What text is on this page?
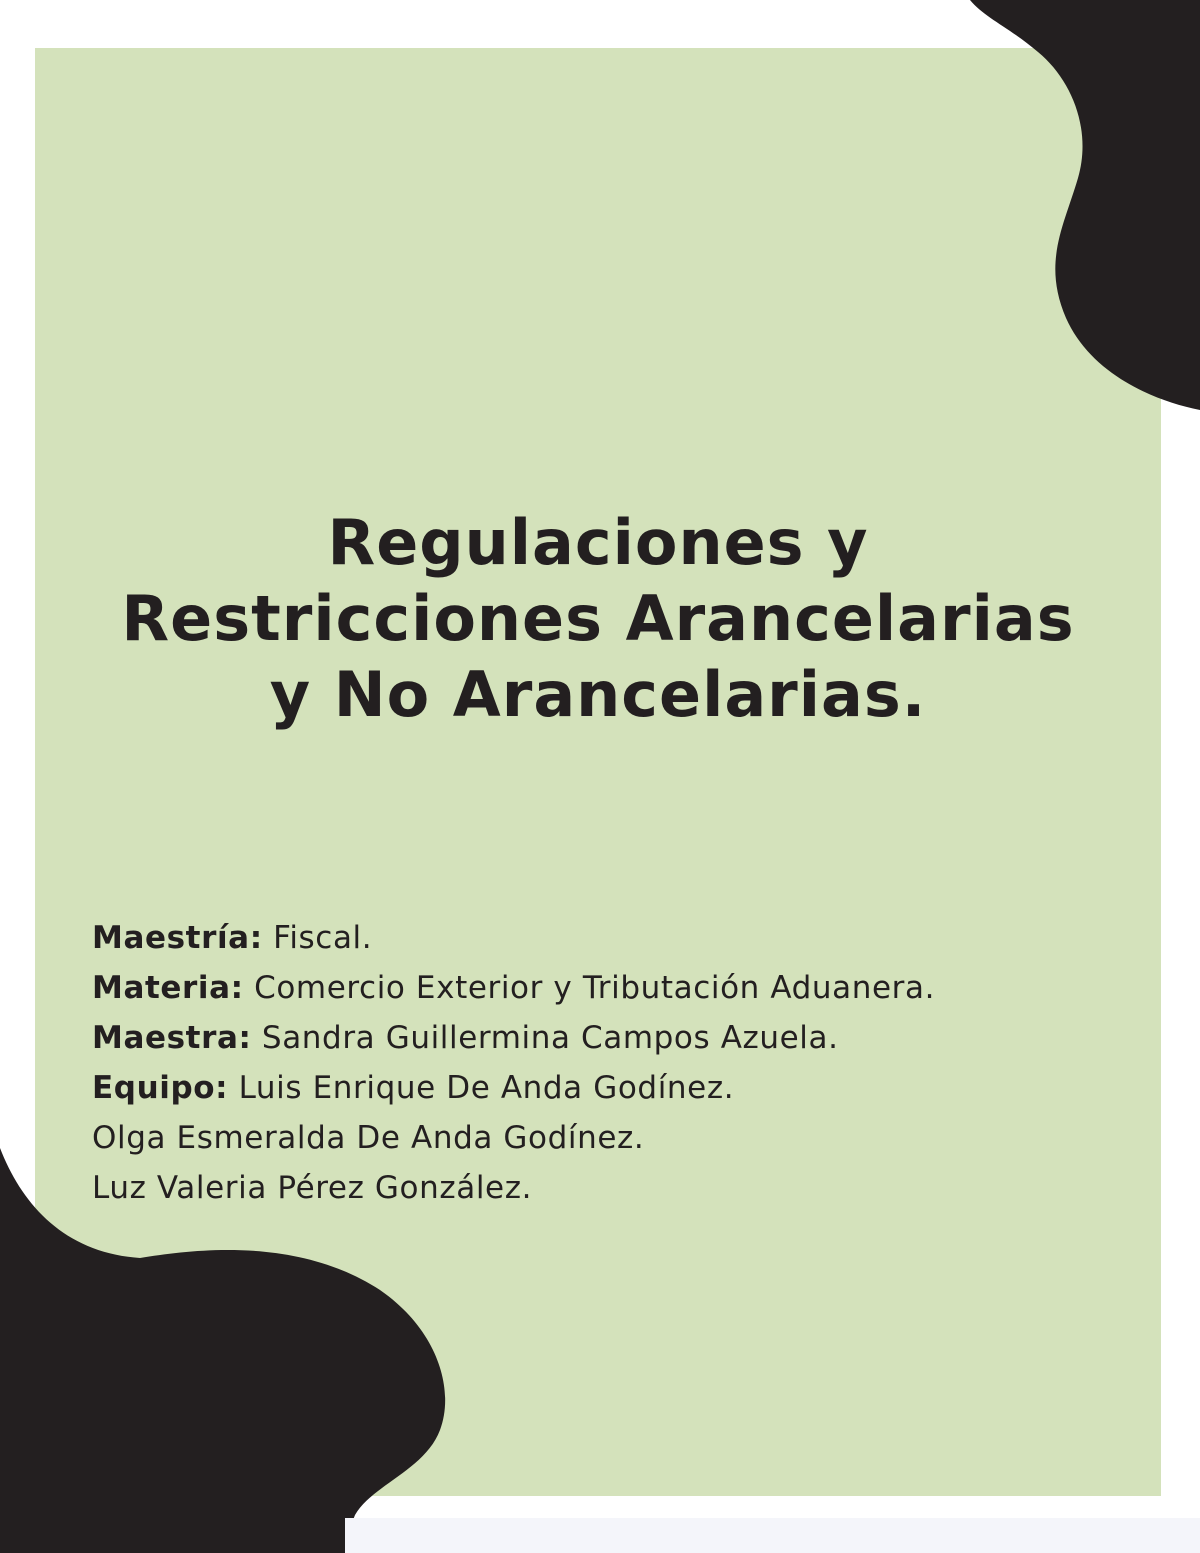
Regulaciones y
Restricciones Arancelarias
y No Arancelarias.
Maestría: Fiscal.
Materia: Comercio Exterior y Tributación Aduanera.
Maestra: Sandra Guillermina Campos Azuela.
Equipo: Luis Enrique De Anda Godínez.
Olga Esmeralda De Anda Godínez.
Luz Valeria Pérez González.
